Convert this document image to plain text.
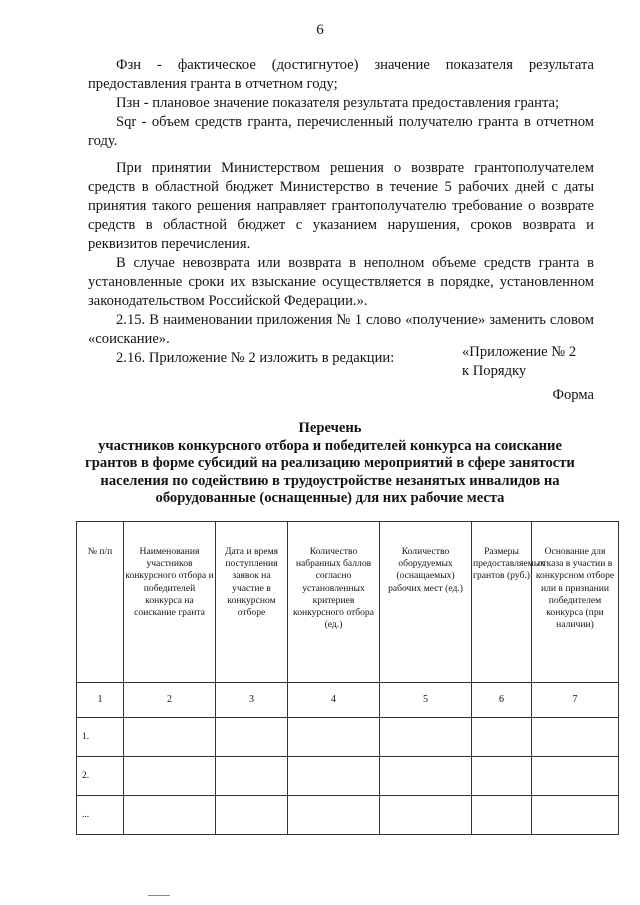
6

Фзн - фактическое (достигнутое) значение показателя результата предоставления гранта в отчетном году;

Пзн - плановое значение показателя результата предоставления гранта;

Sqr - объем средств гранта, перечисленный получателю гранта в отчетном году.

При принятии Министерством решения о возврате грантополучателем средств в областной бюджет Министерство в течение 5 рабочих дней с даты принятия такого решения направляет грантополучателю требование о возврате средств в областной бюджет с указанием нарушения, сроков возврата и реквизитов перечисления.

В случае невозврата или возврата в неполном объеме средств гранта в установленные сроки их взыскание осуществляется в порядке, установленном законодательством Российской Федерации.».

2.15. В наименовании приложения № 1 слово «получение» заменить словом «соискание».

2.16. Приложение № 2 изложить в редакции:	«Приложение № 2
к Порядку
Форма
Перечень
участников конкурсного отбора и победителей конкурса на соискание грантов в форме субсидий на реализацию мероприятий в сфере занятости населения по содействию в трудоустройстве незанятых инвалидов на оборудованные (оснащенные) для них рабочие места
№ п/п	Наименования участников конкурсного отбора и победителей конкурса на соискание гранта	Дата и время поступления заявок на участие в конкурсном отборе	Количество набранных баллов согласно установленных критериев конкурсного отбора (ед.)	Количество оборудуемых (оснащаемых) рабочих мест (ед.)	Размеры предоставляемых грантов (руб.)	Основание для отказа в участии в конкурсном отборе или в признании победителем конкурса (при наличии)
1	2	3	4	5	6	7
1.						
2.						
...						
